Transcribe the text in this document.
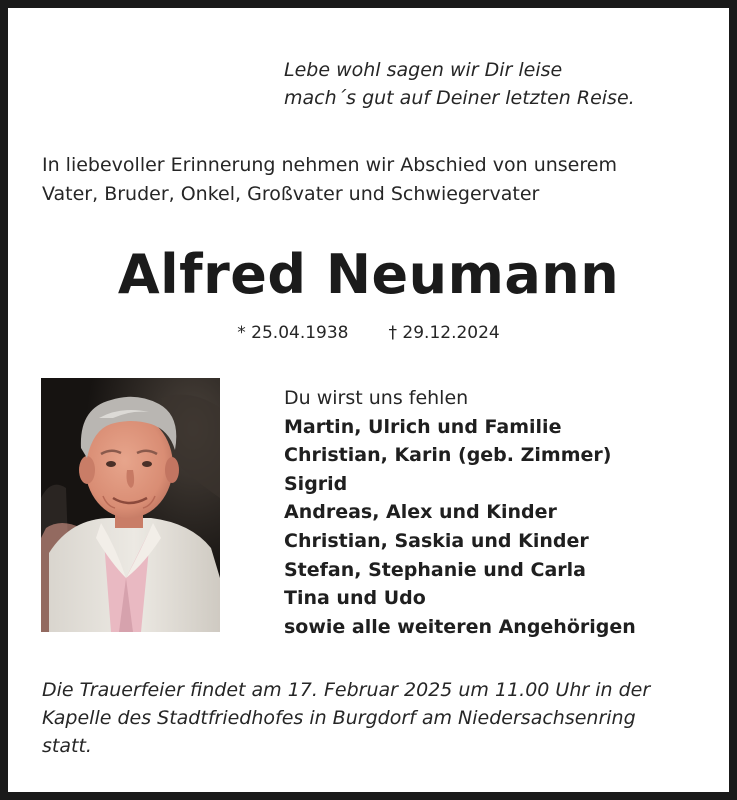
Lebe wohl sagen wir Dir leise
mach´s gut auf Deiner letzten Reise.
In liebevoller Erinnerung nehmen wir Abschied von unserem
Vater, Bruder, Onkel, Großvater und Schwiegervater
Alfred Neumann
* 25.04.1938 † 29.12.2024
Du wirst uns fehlen
Martin, Ulrich und Familie
Christian, Karin (geb. Zimmer)
Sigrid
Andreas, Alex und Kinder
Christian, Saskia und Kinder
Stefan, Stephanie und Carla
Tina und Udo
sowie alle weiteren Angehörigen
Die Trauerfeier findet am 17. Februar 2025 um 11.00 Uhr in der
Kapelle des Stadtfriedhofes in Burgdorf am Niedersachsenring
statt.
